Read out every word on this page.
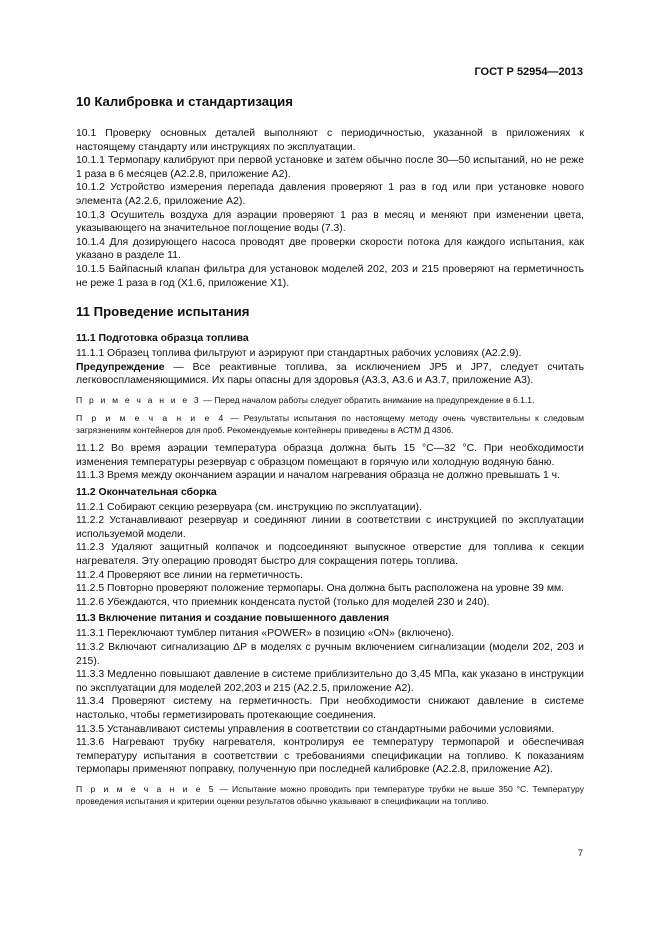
ГОСТ Р 52954—2013
10 Калибровка и стандартизация

10.1 Проверку основных деталей выполняют с периодичностью, указанной в приложениях к настоящему стандарту или инструкциях по эксплуатации.

10.1.1 Термопару калибруют при первой установке и затем обычно после 30—50 испытаний, но не реже 1 раза в 6 месяцев (А2.2.8, приложение А2).

10.1.2 Устройство измерения перепада давления проверяют 1 раз в год или при установке нового элемента (А2.2.6, приложение А2).

10.1.3 Осушитель воздуха для аэрации проверяют 1 раз в месяц и меняют при изменении цвета, указывающего на значительное поглощение воды (7.3).

10.1.4 Для дозирующего насоса проводят две проверки скорости потока для каждого испытания, как указано в разделе 11.

10.1.5 Байпасный клапан фильтра для установок моделей 202, 203 и 215 проверяют на герметичность не реже 1 раза в год (Х1.6, приложение Х1).

11 Проведение испытания
11.1 Подготовка образца топлива

11.1.1 Образец топлива фильтруют и аэрируют при стандартных рабочих условиях (А2.2.9).

Предупреждение — Все реактивные топлива, за исключением JP5 и JP7, следует считать легковоспламеняющимися. Их пары опасны для здоровья (А3.3, А3.6 и А3.7, приложение А3).

П р и м е ч а н и е 3 — Перед началом работы следует обратить внимание на предупреждение в 6.1.1.

П р и м е ч а н и е 4 — Результаты испытания по настоящему методу очень чувствительны к следовым загрязнениям контейнеров для проб. Рекомендуемые контейнеры приведены в АСТМ Д 4306.

11.1.2 Во время аэрации температура образца должна быть 15 °С—32 °С. При необходимости изменения температуры резервуар с образцом помещают в горячую или холодную водяную баню.

11.1.3 Время между окончанием аэрации и началом нагревания образца не должно превышать 1 ч.

11.2 Окончательная сборка

11.2.1 Собирают секцию резервуара (см. инструкцию по эксплуатации).

11.2.2 Устанавливают резервуар и соединяют линии в соответствии с инструкцией по эксплуатации используемой модели.

11.2.3 Удаляют защитный колпачок и подсоединяют выпускное отверстие для топлива к секции нагревателя. Эту операцию проводят быстро для сокращения потерь топлива.

11.2.4 Проверяют все линии на герметичность.

11.2.5 Повторно проверяют положение термопары. Она должна быть расположена на уровне 39 мм.

11.2.6 Убеждаются, что приемник конденсата пустой (только для моделей 230 и 240).

11.3 Включение питания и создание повышенного давления

11.3.1 Переключают тумблер питания «POWER» в позицию «ON» (включено).

11.3.2 Включают сигнализацию ΔP в моделях с ручным включением сигнализации (модели 202, 203 и 215).

11.3.3 Медленно повышают давление в системе приблизительно до 3,45 МПа, как указано в инструкции по эксплуатации для моделей 202,203 и 215 (А2.2.5, приложение А2).

11.3.4 Проверяют систему на герметичность. При необходимости снижают давление в системе настолько, чтобы герметизировать протекающие соединения.

11.3.5 Устанавливают системы управления в соответствии со стандартными рабочими условиями.

11.3.6 Нагревают трубку нагревателя, контролируя ее температуру термопарой и обеспечивая температуру испытания в соответствии с требованиями спецификации на топливо. К показаниям термопары применяют поправку, полученную при последней калибровке (А2.2.8, приложение А2).

П р и м е ч а н и е 5 — Испытание можно проводить при температуре трубки не выше 350 °С. Температуру проведения испытания и критерии оценки результатов обычно указывают в спецификации на топливо.

7
